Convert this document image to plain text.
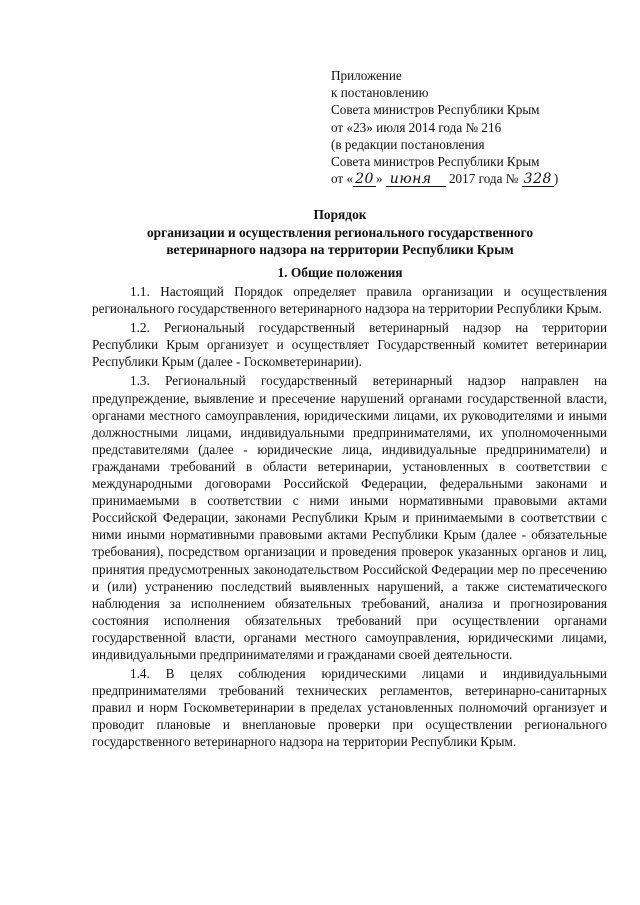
Приложение
к постановлению
Совета министров Республики Крым
от «23» июля 2014 года № 216
(в редакции постановления
Совета министров Республики Крым
от « 20 » июня 2017 года № 328 )
Порядок
организации и осуществления регионального государственного
ветеринарного надзора на территории Республики Крым
1. Общие положения

1.1. Настоящий Порядок определяет правила организации и осуществления регионального государственного ветеринарного надзора на территории Республики Крым.

1.2. Региональный государственный ветеринарный надзор на территории Республики Крым организует и осуществляет Государственный комитет ветеринарии Республики Крым (далее - Госкомветеринарии).

1.3. Региональный государственный ветеринарный надзор направлен на предупреждение, выявление и пресечение нарушений органами государственной власти, органами местного самоуправления, юридическими лицами, их руководителями и иными должностными лицами, индивидуальными предпринимателями, их уполномоченными представителями (далее - юридические лица, индивидуальные предприниматели) и гражданами требований в области ветеринарии, установленных в соответствии с международными договорами Российской Федерации, федеральными законами и принимаемыми в соответствии с ними иными нормативными правовыми актами Российской Федерации, законами Республики Крым и принимаемыми в соответствии с ними иными нормативными правовыми актами Республики Крым (далее - обязательные требования), посредством организации и проведения проверок указанных органов и лиц, принятия предусмотренных законодательством Российской Федерации мер по пресечению и (или) устранению последствий выявленных нарушений, а также систематического наблюдения за исполнением обязательных требований, анализа и прогнозирования состояния исполнения обязательных требований при осуществлении органами государственной власти, органами местного самоуправления, юридическими лицами, индивидуальными предпринимателями и гражданами своей деятельности.

1.4. В целях соблюдения юридическими лицами и индивидуальными предпринимателями требований технических регламентов, ветеринарно-санитарных правил и норм Госкомветеринарии в пределах установленных полномочий организует и проводит плановые и внеплановые проверки при осуществлении регионального государственного ветеринарного надзора на территории Республики Крым.
